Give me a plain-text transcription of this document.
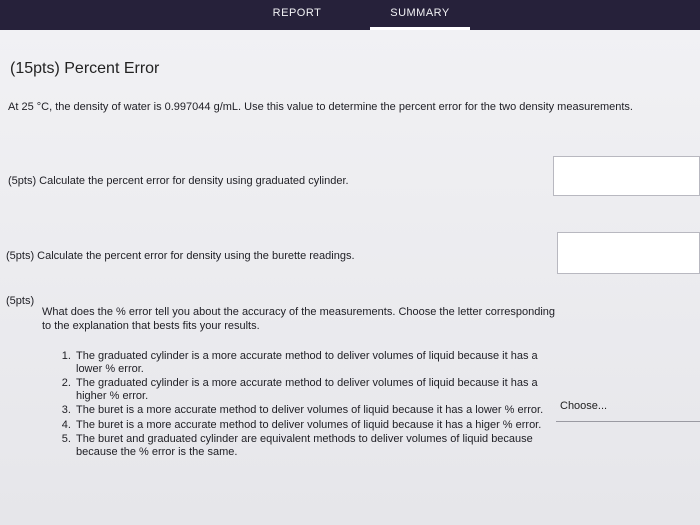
REPORT	SUMMARY
(15pts) Percent Error
At 25 °C, the density of water is 0.997044 g/mL. Use this value to determine the percent error for the two density measurements.
(5pts) Calculate the percent error for density using graduated cylinder.
(5pts) Calculate the percent error for density using the burette readings.
(5pts)
What does the % error tell you about the accuracy of the measurements. Choose the letter corresponding to the explanation that bests fits your results.
1. The graduated cylinder is a more accurate method to deliver volumes of liquid because it has a lower % error.
2. The graduated cylinder is a more accurate method to deliver volumes of liquid because it has a higher % error.
3. The buret is a more accurate method to deliver volumes of liquid because it has a lower % error.
4. The buret is a more accurate method to deliver volumes of liquid because it has a higer % error.
5. The buret and graduated cylinder are equivalent methods to deliver volumes of liquid because because the % error is the same.
Choose...
